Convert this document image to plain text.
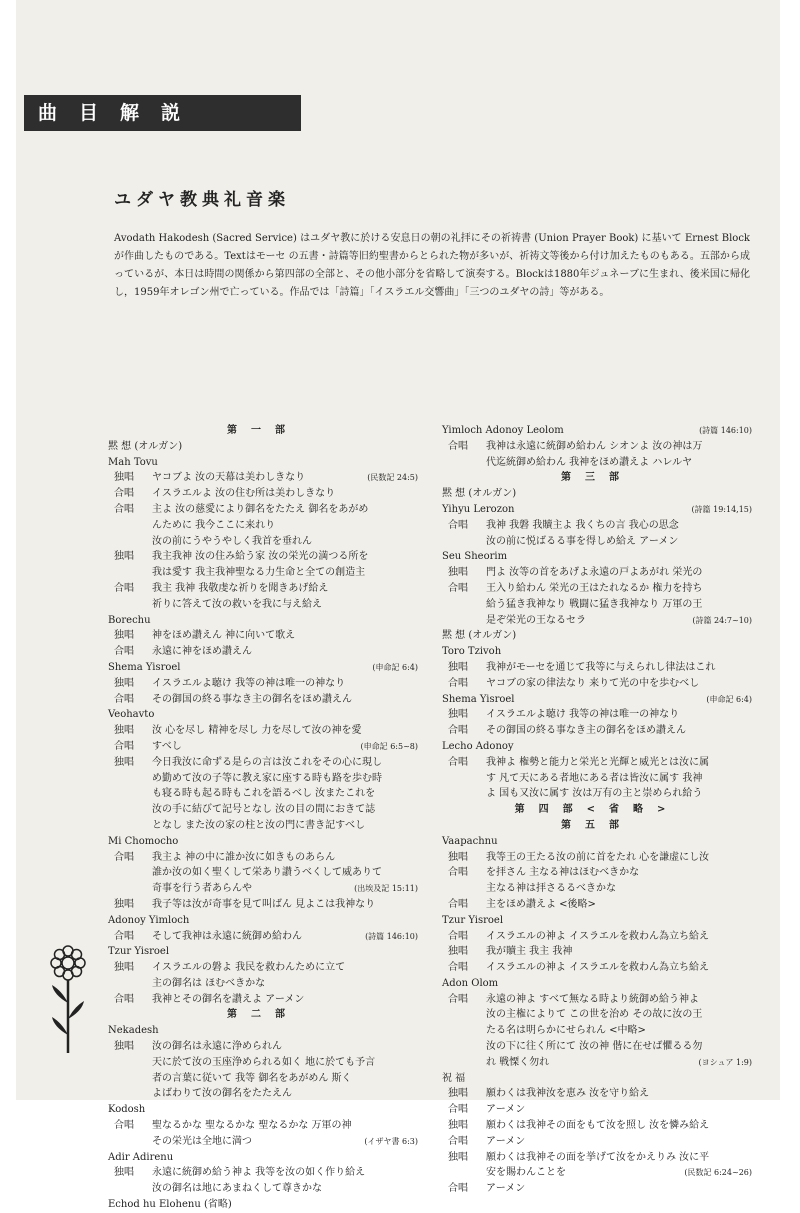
曲目解説
ユダヤ教典礼音楽
Avodath Hakodesh (Sacred Service) はユダヤ教に於ける安息日の朝の礼拝にその祈祷書 (Union Prayer Book) に基いて Ernest Block が作曲したものである。Textはモーセ の五書・詩篇等旧約聖書からとられた物が多いが、祈祷文等後から付け加えたものもある。五部から成っているが、本日は時間の関係から第四部の全部と、その他小部分を省略して演奏する。Blockは1880年ジュネーブに生まれ、後米国に帰化し，1959年オレゴン州で亡っている。作品では「詩篇」「イスラエル交響曲」「三つのユダヤの詩」等がある。

第一部

黙 想 (オルガン)

Mah Tovu

独唱	ヤコブよ 汝の天幕は美わしきなり	(民数記 24:5)
合唱	イスラエルよ 汝の住む所は美わしきなり
合唱	主よ 汝の慈愛により御名をたたえ 御名をあがめ
んために 我今ここに来れり
汝の前にうやうやしく我首を垂れん
独唱	我主我神 汝の住み給う家 汝の栄光の満つる所を
我は愛す 我主我神聖なる力生命と全ての創造主
合唱	我主 我神 我敬虔な祈りを聞きあげ給え
祈りに答えて汝の救いを我に与え給え

Borechu

独唱	神をほめ讃えん 神に向いて歌え
合唱	永遠に神をほめ讃えん
Shema Yisroel	(申命記 6:4)
独唱	イスラエルよ聴け 我等の神は唯一の神なり
合唱	その御国の終る事なき主の御名をほめ讃えん

Veohavto

独唱	汝 心を尽し 精神を尽し 力を尽して汝の神を愛
合唱	すべし	(申命記 6:5~8)
独唱	今日我汝に命ずる是らの言は汝これをその心に現し
め勤めて汝の子等に教え家に座する時も路を歩む時
も寝る時も起る時もこれを語るべし 汝またこれを
汝の手に結びて記号となし 汝の目の間におきて誌
となし また汝の家の柱と汝の門に書き記すべし

Mi Chomocho

合唱	我主よ 神の中に誰か汝に如きものあらん
誰か汝の如く聖くして栄あり讃うべくして威ありて
奇事を行う者あらんや	(出埃及記 15:11)
独唱	我子等は汝が奇事を見て叫ばん 見よこは我神なり

Adonoy Yimloch

合唱	そして我神は永遠に統御め給わん	(詩篇 146:10)

Tzur Yisroel

独唱	イスラエルの磐よ 我民を救わんために立て
主の御名は ほむべきかな
合唱	我神とその御名を讃えよ アーメン

第二部

Nekadesh

独唱	汝の御名は永遠に浄められん
天に於て汝の玉座浄められる如く 地に於ても予言
者の言葉に従いて 我等 御名をあがめん 斯く
よばわりて汝の御名をたたえん

Kodosh

合唱	聖なるかな 聖なるかな 聖なるかな 万軍の神
その栄光は全地に満つ	(イザヤ書 6:3)

Adir Adirenu

独唱	永遠に統御め給う神よ 我等を汝の如く作り給え
汝の御名は地にあまねくして尊きかな

Echod hu Elohenu (省略)

Yimloch Adonoy Leolom	(詩篇 146:10)
合唱	我神は永遠に統御め給わん シオンよ 汝の神は万
代迄統御め給わん 我神をほめ讃えよ ハレルヤ

第三部

黙 想 (オルガン)

Yihyu Lerozon	(詩篇 19:14,15)
合唱	我神 我磐 我贖主よ 我くちの言 我心の思念
汝の前に悦ばるる事を得しめ給え アーメン

Seu Sheorim

独唱	門よ 汝等の首をあげよ永遠の戸よあがれ 栄光の
合唱	王入り給わん 栄光の王はたれなるか 権力を持ち
給う猛き我神なり 戦闘に猛き我神なり 万軍の王
是ぞ栄光の王なるセラ	(詩篇 24:7~10)

黙 想 (オルガン)

Toro Tzivoh

独唱	我神がモーセを通じて我等に与えられし律法はこれ
合唱	ヤコブの家の律法なり 来りて光の中を歩むべし
Shema Yisroel	(申命記 6:4)
独唱	イスラエルよ聴け 我等の神は唯一の神なり
合唱	その御国の終る事なき主の御名をほめ讃えん

Lecho Adonoy

合唱	我神よ 権勢と能力と栄光と光輝と威光とは汝に属
す 凡て天にある者地にある者は皆汝に属す 我神
よ 国も又汝に属す 汝は万有の主と崇められ給う

第四部<省略>

第五部

Vaapachnu

独唱	我等王の王たる汝の前に首をたれ 心を謙虚にし汝
合唱	を拝さん 主なる神はほむべきかな
主なる神は拝さるるべきかな
合唱	主をほめ讃えよ <後略>

Tzur Yisroel

合唱	イスラエルの神よ イスラエルを救わん為立ち給え
独唱	我が贖主 我主 我神
合唱	イスラエルの神よ イスラエルを救わん為立ち給え

Adon Olom

合唱	永遠の神よ すべて無なる時より統御め給う神よ
汝の主権によりて この世を治め その故に汝の王
たる名は明らかにせられん <中略>
汝の下に往く所にて 汝の神 偕に在せば懼るる勿
れ 戦慄く勿れ	(ヨシュア 1:9)

祝 福

独唱	願わくは我神汝を恵み 汝を守り給え
合唱	アーメン
独唱	願わくは我神その面をもて汝を照し 汝を憐み給え
合唱	アーメン
独唱	願わくは我神その面を挙げて汝をかえりみ 汝に平
安を賜わんことを	(民数記 6:24~26)
合唱	アーメン
